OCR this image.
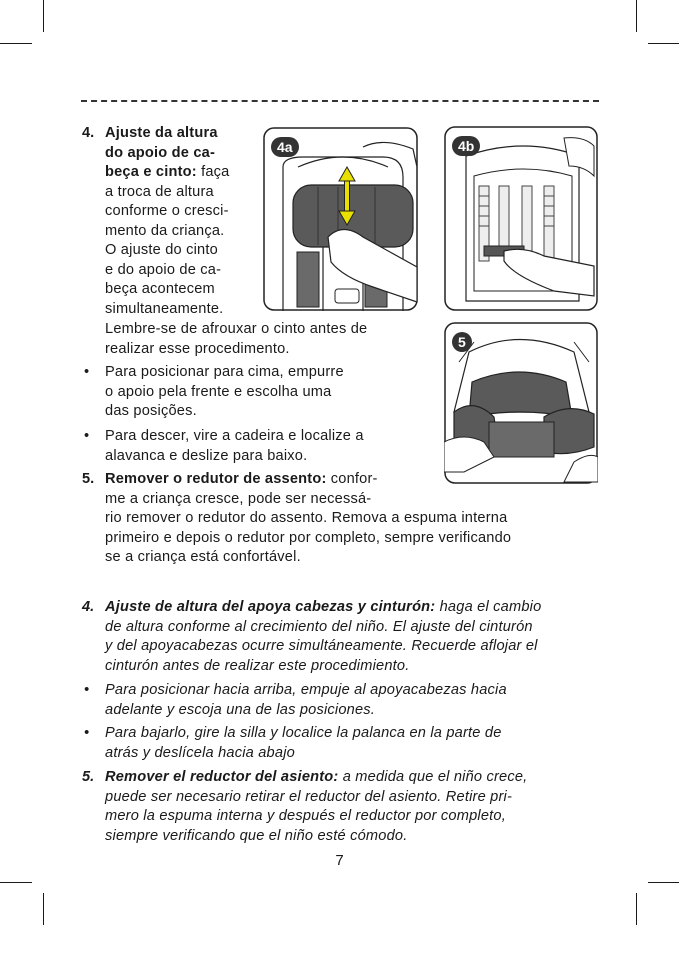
4a	4b
5
4. Ajuste da altura
do apoio de ca-
beça e cinto: faça
a troca de altura
conforme o cresci-
mento da criança.
O ajuste do cinto
e do apoio de ca-
beça acontecem
simultaneamente.
Lembre-se de afrouxar o cinto antes de
realizar esse procedimento.
• Para posicionar para cima, empurre
o apoio pela frente e escolha uma
das posições.
• Para descer, vire a cadeira e localize a
alavanca e deslize para baixo.
5. Remover o redutor de assento: confor-
me a criança cresce, pode ser necessá-
rio remover o redutor do assento. Remova a espuma interna
primeiro e depois o redutor por completo, sempre verificando
se a criança está confortável.
4. Ajuste de altura del apoya cabezas y cinturón: haga el cambio
de altura conforme al crecimiento del niño. El ajuste del cinturón
y del apoyacabezas ocurre simultáneamente. Recuerde aflojar el
cinturón antes de realizar este procedimiento.
• Para posicionar hacia arriba, empuje al apoyacabezas hacia
adelante y escoja una de las posiciones.
• Para bajarlo, gire la silla y localice la palanca en la parte de
atrás y deslícela hacia abajo
5. Remover el reductor del asiento: a medida que el niño crece,
puede ser necesario retirar el reductor del asiento. Retire pri-
mero la espuma interna y después el reductor por completo,
siempre verificando que el niño esté cómodo.
7
